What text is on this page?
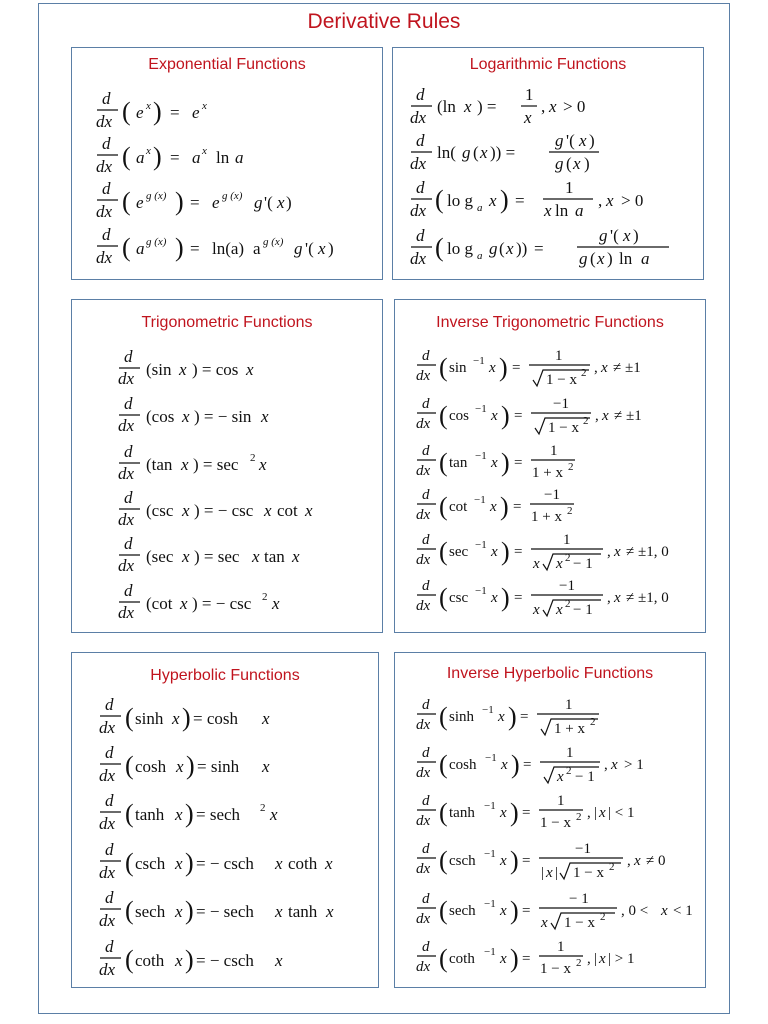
Derivative Rules
Exponential Functions
d
dx ( e x ) = e x
d
dx ( a x ) = a x ln a
d
dx ( e g (x) ) = e g (x) g '( x )
d
dx ( a g (x) ) = ln(a) a g (x) g '( x )
Logarithmic Functions
d
dx
(ln x ) =
1
x
, x > 0
d
dx
ln( g ( x )) =
g '( x )
g ( x )
d
dx ( lo g a x ) =
1
x ln a
, x > 0
d
dx ( lo g a g ( x )) =
g '( x )
g ( x ) ln a
Trigonometric Functions
d
dx (sin x ) = cos x
d
dx (cos x ) = − sin x
d
dx (tan x ) = sec 2 x
d
dx (csc x ) = − csc x cot x
d
dx (sec x ) = sec x tan x
d
dx (cot x ) = − csc 2 x
Inverse Trigonometric Functions
d
dx ( sin −1 x ) =
1
1 − x 2 , x ≠ ±1
d
dx ( cos −1 x ) =
−1
1 − x 2 , x ≠ ±1
d
dx ( tan −1 x ) =
1
1 + x 2
d
dx ( cot −1 x ) =
−1
1 + x 2
d
dx ( sec −1 x ) =
1
x x 2 − 1
, x ≠ ±1, 0
d
dx ( csc −1 x ) =
−1
x x 2 − 1
, x ≠ ±1, 0
Hyperbolic Functions
d
dx ( sinh x ) = cosh x
d
dx ( cosh x ) = sinh x
d
dx ( tanh x ) = sech 2 x
d
dx ( csch x ) = − csch x coth x
d
dx ( sech x ) = − sech x tanh x
d
dx ( coth x ) = − csch x
Inverse Hyperbolic Functions
d
dx ( sinh −1 x ) =
1
1 + x 2
d
dx ( cosh −1 x ) =
1
x 2 − 1
, x > 1
d
dx ( tanh −1 x ) =
1
1 − x 2 , | x | < 1
d
dx ( csch −1 x ) =
−1
| x | 1 − x 2 , x ≠ 0
d
dx ( sech −1 x ) =
− 1
x 1 − x 2 , 0 < x < 1
d
dx ( coth −1 x ) =
1
1 − x 2 , | x | > 1
